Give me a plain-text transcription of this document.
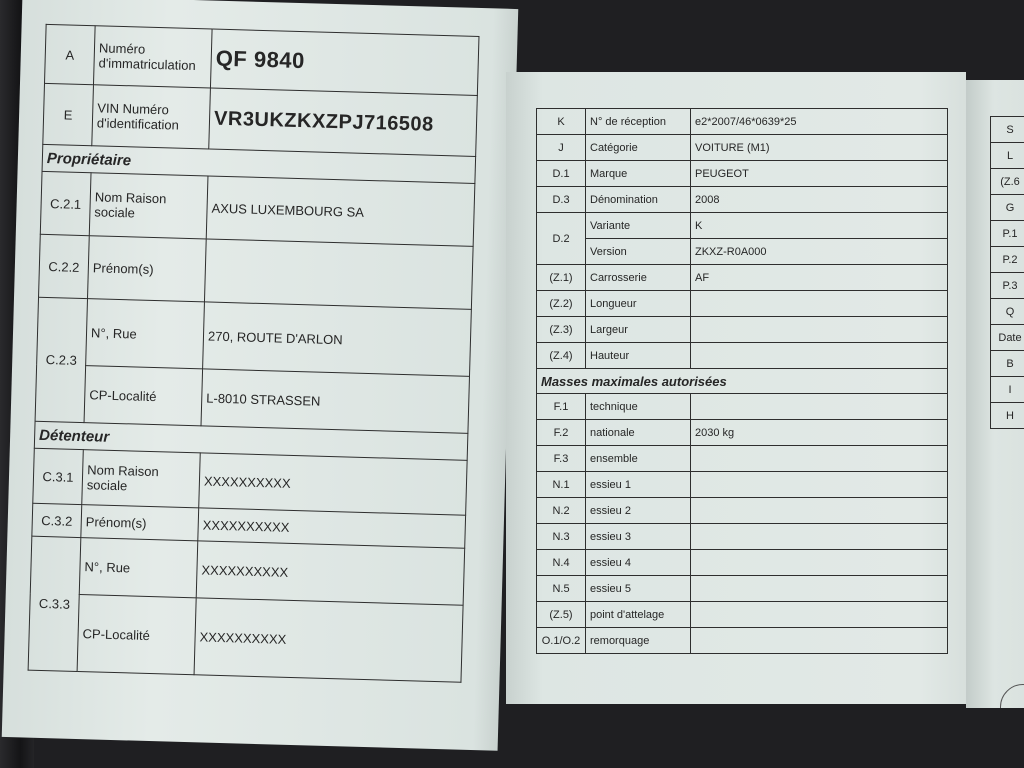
A	Numéro d'immatriculation	QF 9840
E	VIN Numéro d'identification	VR3UKZKXZPJ716508
Propriétaire		
C.2.1	Nom Raison sociale	AXUS LUXEMBOURG SA
C.2.2	Prénom(s)	
C.2.3	N°, Rue	270, ROUTE D'ARLON
	CP-Localité	L-8010 STRASSEN
Détenteur		
C.3.1	Nom Raison sociale	XXXXXXXXXX
C.3.2	Prénom(s)	XXXXXXXXXX
C.3.3	N°, Rue	XXXXXXXXXX
	CP-Localité	XXXXXXXXXX
K	N° de réception	e2*2007/46*0639*25
J	Catégorie	VOITURE (M1)
D.1	Marque	PEUGEOT
D.3	Dénomination	2008
D.2	Variante	K
	Version	ZKXZ-R0A000
(Z.1)	Carrosserie	AF
(Z.2)	Longueur	
(Z.3)	Largeur	
(Z.4)	Hauteur	
Masses maximales autorisées		
F.1	technique	
F.2	nationale	2030 kg
F.3	ensemble	
N.1	essieu 1	
N.2	essieu 2	
N.3	essieu 3	
N.4	essieu 4	
N.5	essieu 5	
(Z.5)	point d'attelage	
O.1/O.2	remorquage	
S
L
(Z.6
G
P.1
P.2
P.3
Q
Date
B
I
H
